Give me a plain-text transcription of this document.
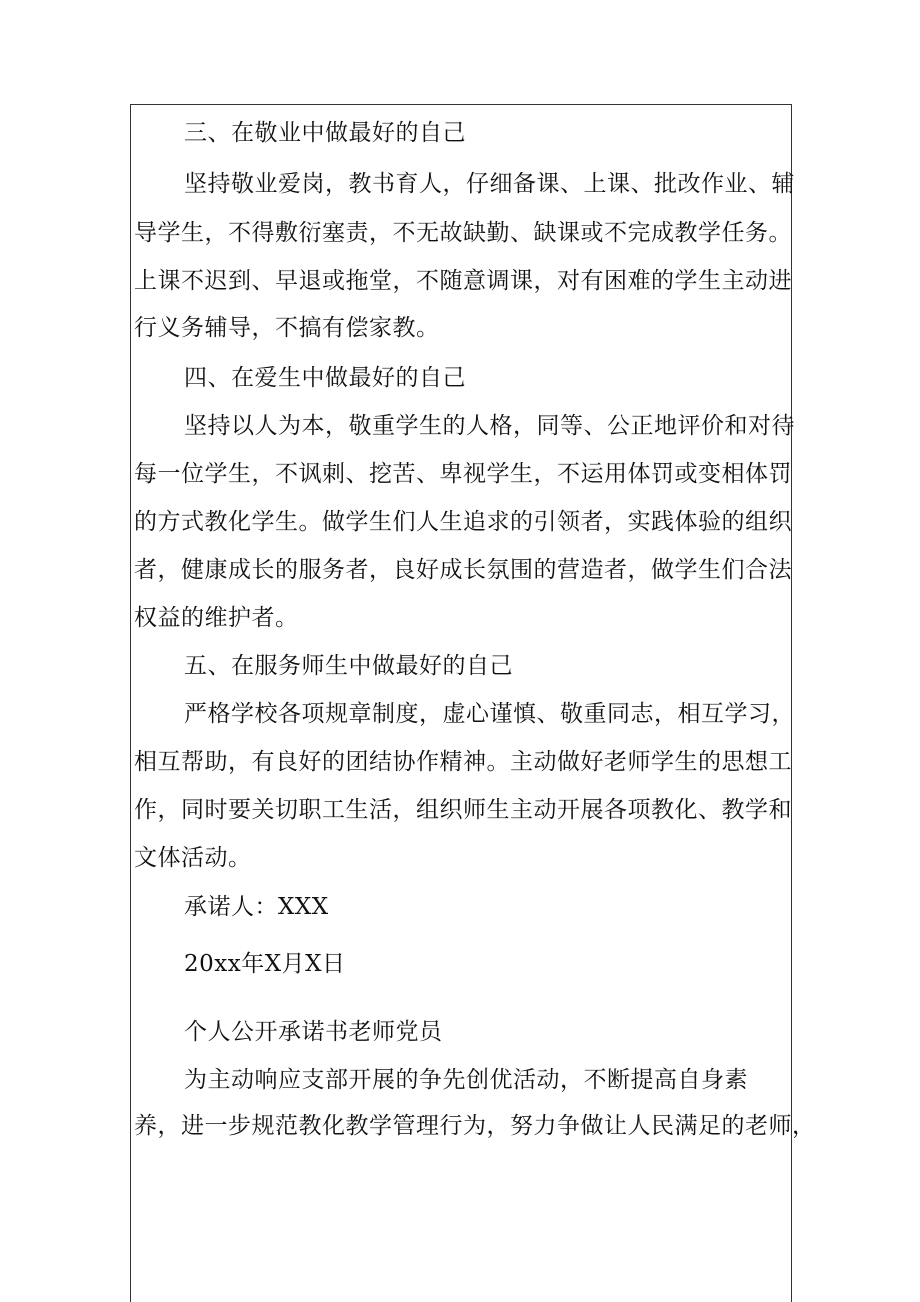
三、在敬业中做最好的自己
坚持敬业爱岗，教书育人，仔细备课、上课、批改作业、辅
导学生，不得敷衍塞责，不无故缺勤、缺课或不完成教学任务。
上课不迟到、早退或拖堂，不随意调课，对有困难的学生主动进
行义务辅导，不搞有偿家教。
四、在爱生中做最好的自己
坚持以人为本，敬重学生的人格，同等、公正地评价和对待
每一位学生，不讽刺、挖苦、卑视学生，不运用体罚或变相体罚
的方式教化学生。做学生们人生追求的引领者，实践体验的组织
者，健康成长的服务者，良好成长氛围的营造者，做学生们合法
权益的维护者。
五、在服务师生中做最好的自己
严格学校各项规章制度，虚心谨慎、敬重同志，相互学习，
相互帮助，有良好的团结协作精神。主动做好老师学生的思想工
作，同时要关切职工生活，组织师生主动开展各项教化、教学和
文体活动。
承诺人：XXX
20xx年X月X日
个人公开承诺书老师党员
为主动响应支部开展的争先创优活动，不断提高自身素
养，进一步规范教化教学管理行为，努力争做让人民满足的老师，
